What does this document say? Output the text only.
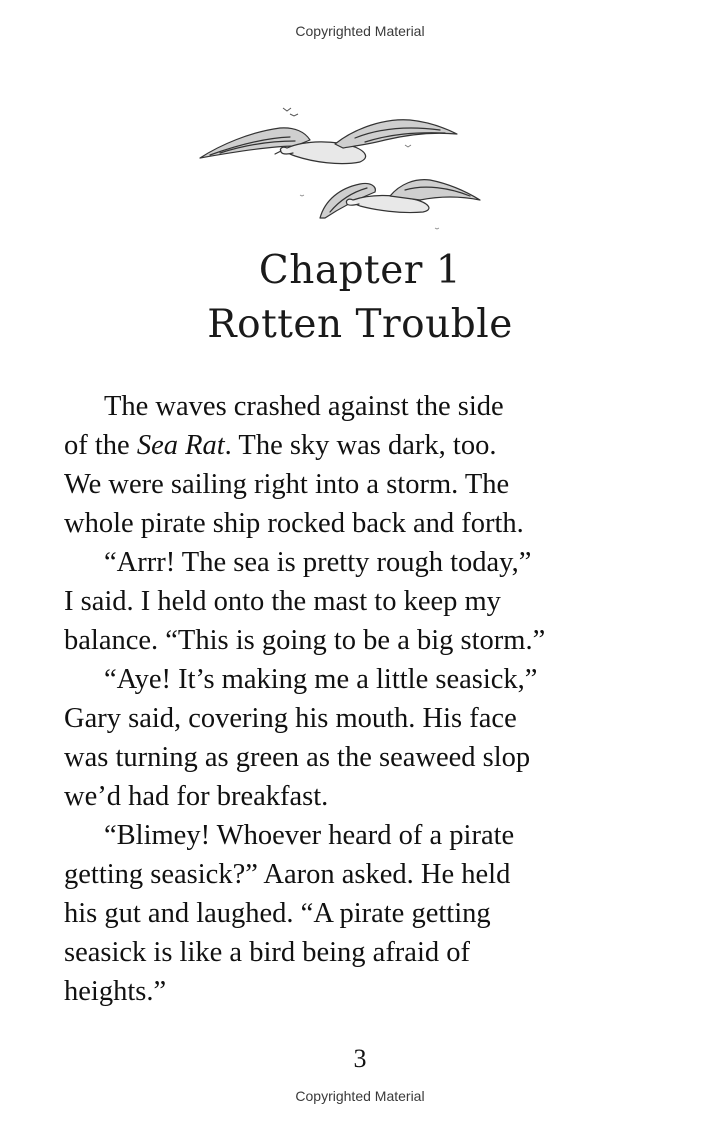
Copyrighted Material
Chapter 1
Rotten Trouble
The waves crashed against the side
of the Sea Rat. The sky was dark, too.
We were sailing right into a storm. The
whole pirate ship rocked back and forth.
“Arrr! The sea is pretty rough today,”
I said. I held onto the mast to keep my
balance. “This is going to be a big storm.”
“Aye! It’s making me a little seasick,”
Gary said, covering his mouth. His face
was turning as green as the seaweed slop
we’d had for breakfast.
“Blimey! Whoever heard of a pirate
getting seasick?” Aaron asked. He held
his gut and laughed. “A pirate getting
seasick is like a bird being afraid of
heights.”
3
Copyrighted Material
